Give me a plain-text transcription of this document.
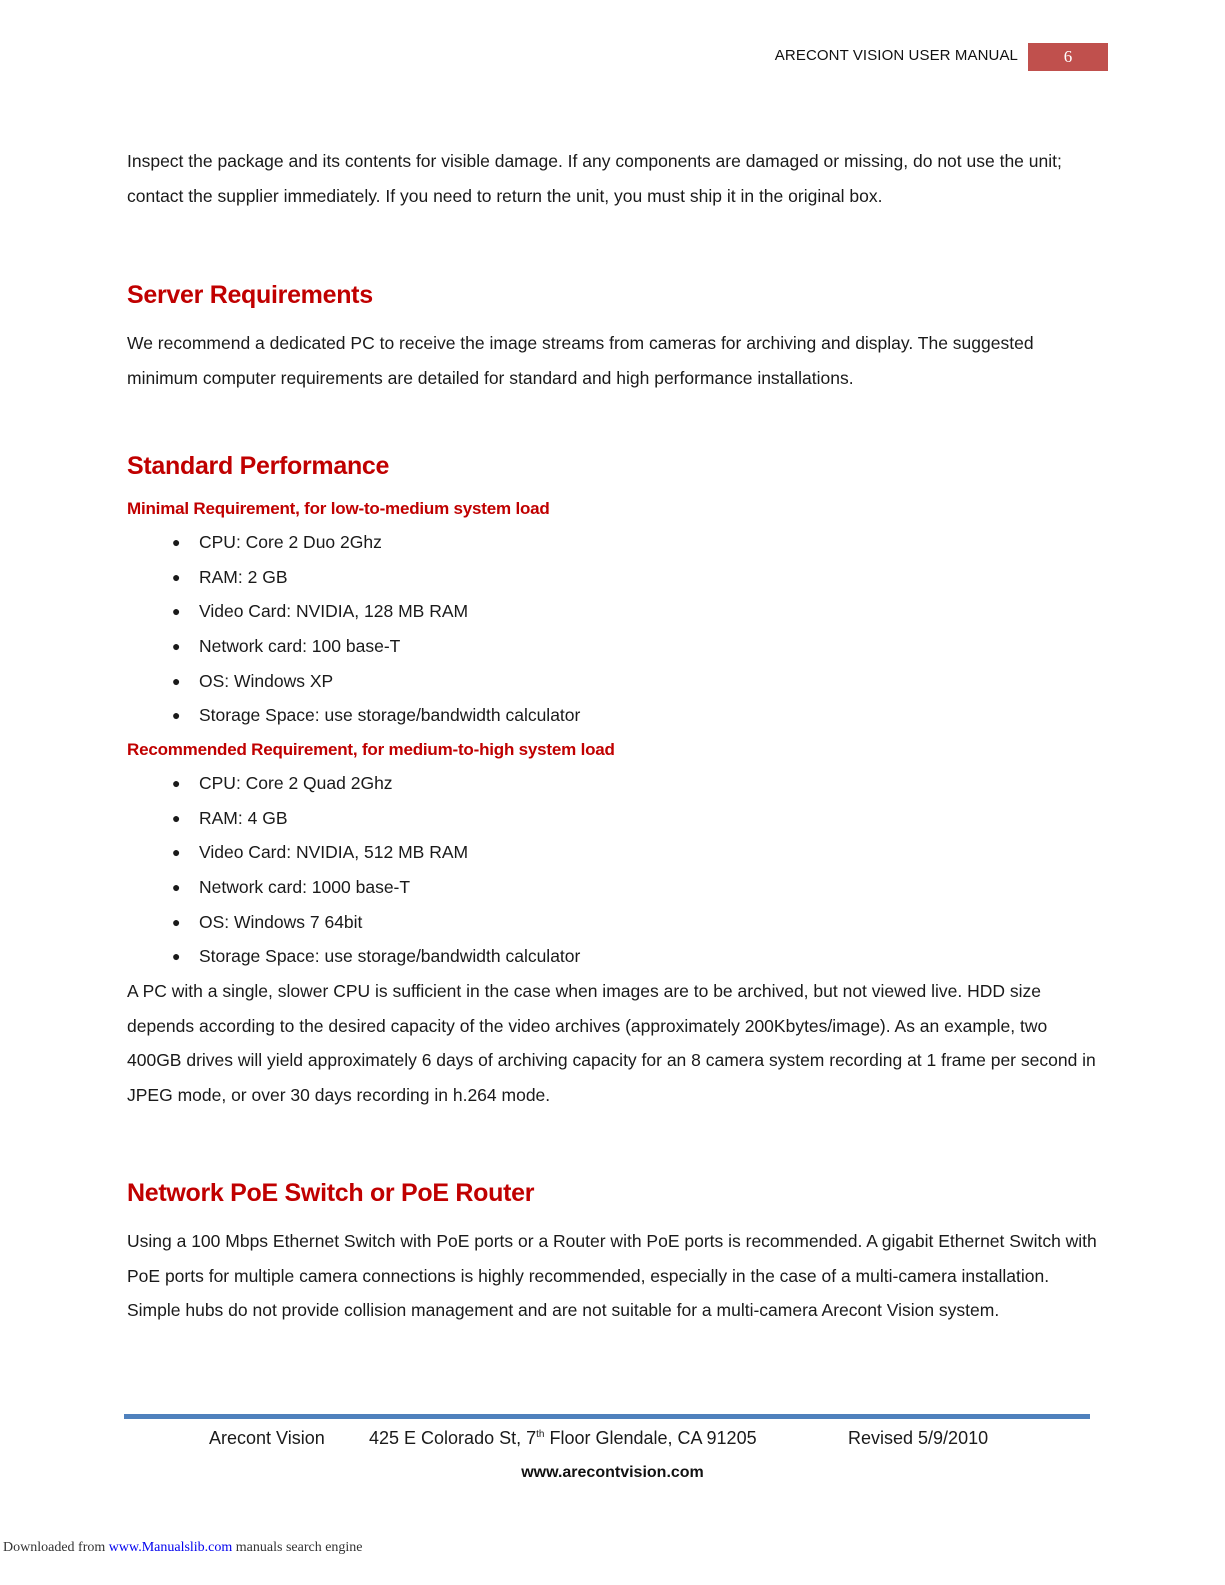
ARECONT VISION USER MANUAL	6

Inspect the package and its contents for visible damage. If any components are damaged or missing, do not use the unit; contact the supplier immediately. If you need to return the unit, you must ship it in the original box.

Server Requirements

We recommend a dedicated PC to receive the image streams from cameras for archiving and display. The suggested minimum computer requirements are detailed for standard and high performance installations.

Standard Performance
Minimal Requirement, for low-to-medium system load
● CPU: Core 2 Duo 2Ghz
● RAM: 2 GB
● Video Card: NVIDIA, 128 MB RAM
● Network card: 100 base-T
● OS: Windows XP
● Storage Space: use storage/bandwidth calculator
Recommended Requirement, for medium-to-high system load
● CPU: Core 2 Quad 2Ghz
● RAM: 4 GB
● Video Card: NVIDIA, 512 MB RAM
● Network card: 1000 base-T
● OS: Windows 7 64bit
● Storage Space: use storage/bandwidth calculator

A PC with a single, slower CPU is sufficient in the case when images are to be archived, but not viewed live. HDD size depends according to the desired capacity of the video archives (approximately 200Kbytes/image). As an example, two 400GB drives will yield approximately 6 days of archiving capacity for an 8 camera system recording at 1 frame per second in JPEG mode, or over 30 days recording in h.264 mode.

Network PoE Switch or PoE Router

Using a 100 Mbps Ethernet Switch with PoE ports or a Router with PoE ports is recommended. A gigabit Ethernet Switch with PoE ports for multiple camera connections is highly recommended, especially in the case of a multi-camera installation. Simple hubs do not provide collision management and are not suitable for a multi-camera Arecont Vision system.

Arecont Vision 425 E Colorado St, 7th Floor Glendale, CA 91205	Revised 5/9/2010
www.arecontvision.com
Downloaded from www.Manualslib.com manuals search engine
